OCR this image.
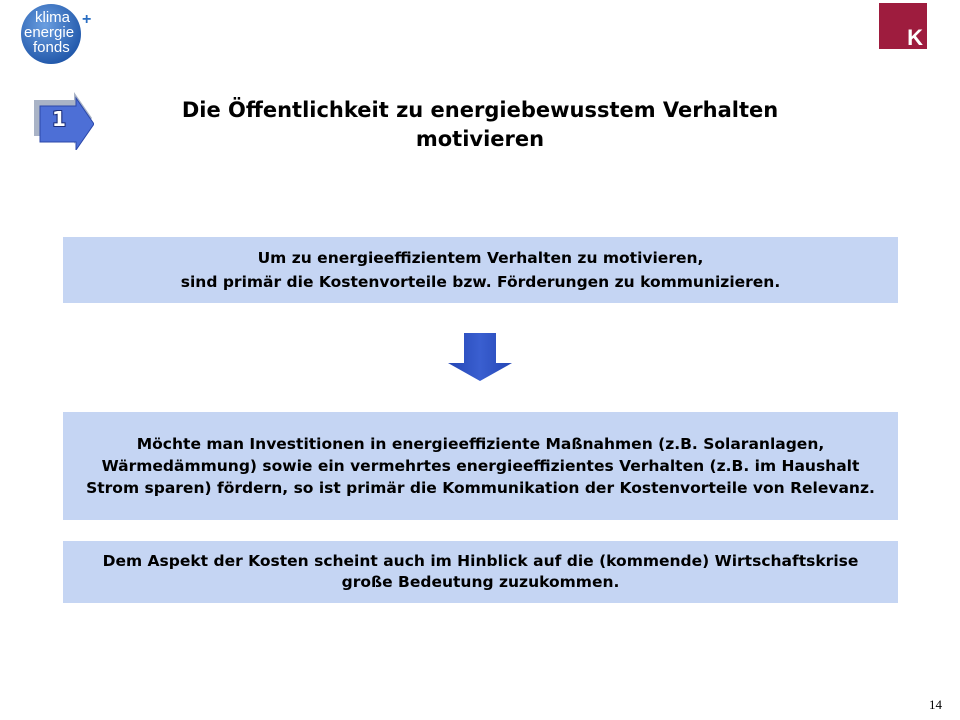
klima
energie
fonds
+
K
1	Die Öffentlichkeit zu energiebewusstem Verhalten
motivieren
Um zu energieeffizientem Verhalten zu motivieren,
sind primär die Kostenvorteile bzw. Förderungen zu kommunizieren.
Möchte man Investitionen in energieeffiziente Maßnahmen (z.B. Solaranlagen, Wärmedämmung) sowie ein vermehrtes energieeffizientes Verhalten (z.B. im Haushalt Strom sparen) fördern, so ist primär die Kommunikation der Kostenvorteile von Relevanz.
Dem Aspekt der Kosten scheint auch im Hinblick auf die (kommende) Wirtschaftskrise große Bedeutung zuzukommen.
14
